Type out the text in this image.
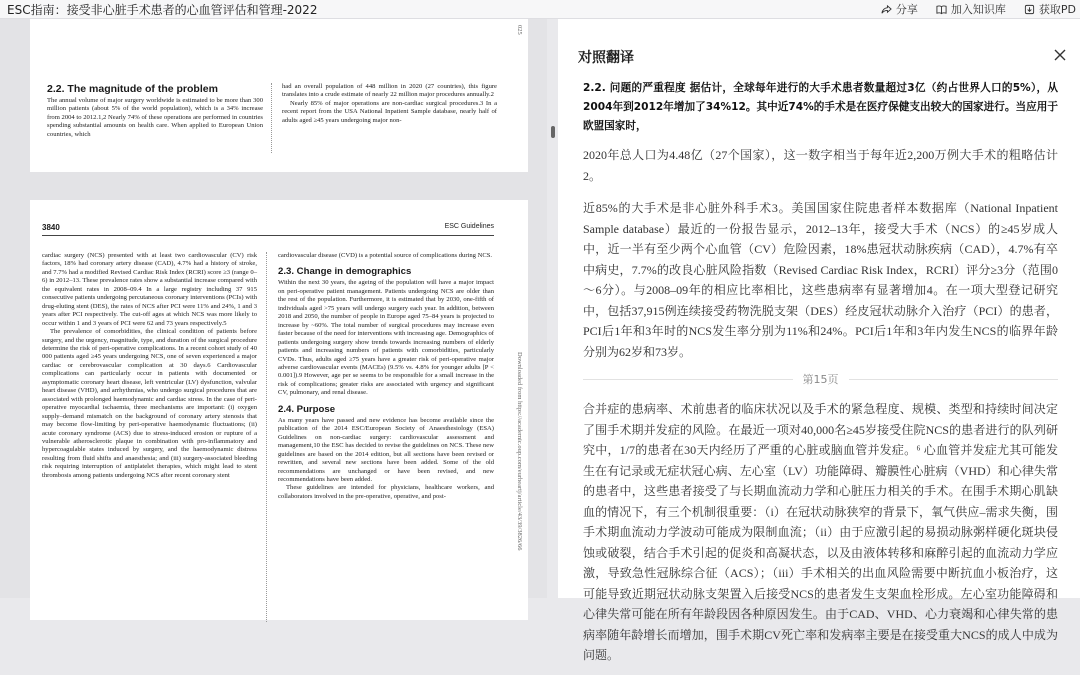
ESC指南：接受非心脏手术患者的心血管评估和管理-2022	分享	加入知识库	获取PD
025
2.2. The magnitude of the problem

The annual volume of major surgery worldwide is estimated to be more than 300 million patients (about 5% of the world population), which is a 34% increase from 2004 to 2012.1,2 Nearly 74% of these operations are performed in countries spending substantial amounts on health care. When applied to European Union countries, which

had an overall population of 448 million in 2020 (27 countries), this figure translates into a crude estimate of nearly 22 million major procedures annually.2

Nearly 85% of major operations are non-cardiac surgical procedures.3 In a recent report from the USA National Inpatient Sample database, nearly half of adults aged ≥45 years undergoing major non-

3840	ESC Guidelines
Downloaded from https://academic.oup.com/eurheartj/article/43/39/3826/66

cardiac surgery (NCS) presented with at least two cardiovascular (CV) risk factors, 18% had coronary artery disease (CAD), 4.7% had a history of stroke, and 7.7% had a modified Revised Cardiac Risk Index (RCRI) score ≥3 (range 0–6) in 2012–13. These prevalence rates show a substantial increase compared with the equivalent rates in 2008–09.4 In a large registry including 37 915 consecutive patients undergoing percutaneous coronary interventions (PCIs) with drug-eluting stent (DES), the rates of NCS after PCI were 11% and 24%, 1 and 3 years after PCI respectively. The cut-off ages at which NCS was more likely to occur within 1 and 3 years of PCI were 62 and 73 years respectively.5

The prevalence of comorbidities, the clinical condition of patients before surgery, and the urgency, magnitude, type, and duration of the surgical procedure determine the risk of peri-operative complications. In a recent cohort study of 40 000 patients aged ≥45 years undergoing NCS, one of seven experienced a major cardiac or cerebrovascular complication at 30 days.6 Cardiovascular complications can particularly occur in patients with documented or asymptomatic coronary heart disease, left ventricular (LV) dysfunction, valvular heart disease (VHD), and arrhythmias, who undergo surgical procedures that are associated with prolonged haemodynamic and cardiac stress. In the case of peri-operative myocardial ischaemia, three mechanisms are important: (i) oxygen supply–demand mismatch on the background of coronary artery stenosis that may become flow-limiting by peri-operative haemodynamic fluctuations; (ii) acute coronary syndrome (ACS) due to stress-induced erosion or rupture of a vulnerable atherosclerotic plaque in combination with pro-inflammatory and hypercoagulable states induced by surgery, and the haemodynamic distress resulting from fluid shifts and anaesthesia; and (iii) surgery-associated bleeding risk requiring interruption of antiplatelet therapies, which might lead to stent thrombosis among patients undergoing NCS after recent coronary stent

cardiovascular disease (CVD) is a potential source of complications during NCS.

2.3. Change in demographics

Within the next 30 years, the ageing of the population will have a major impact on peri-operative patient management. Patients undergoing NCS are older than the rest of the population. Furthermore, it is estimated that by 2030, one-fifth of individuals aged >75 years will undergo surgery each year. In addition, between 2018 and 2050, the number of people in Europe aged 75–84 years is projected to increase by ~60%. The total number of surgical procedures may increase even faster because of the need for interventions with increasing age. Demographics of patients undergoing surgery show trends towards increasing numbers of elderly patients and increasing numbers of patients with comorbidities, particularly CVDs. Thus, adults aged ≥75 years have a greater risk of peri-operative major adverse cardiovascular events (MACEs) (9.5% vs. 4.8% for younger adults [P < 0.001]).9 However, age per se seems to be responsible for a small increase in the risk of complications; greater risks are associated with urgency and significant CV, pulmonary, and renal disease.

2.4. Purpose

As many years have passed and new evidence has become available since the publication of the 2014 ESC/European Society of Anaesthesiology (ESA) Guidelines on non-cardiac surgery: cardiovascular assessment and management,10 the ESC has decided to revise the guidelines on NCS. These new guidelines are based on the 2014 edition, but all sections have been revised or rewritten, and several new sections have been added. Some of the old recommendations are unchanged or have been revised, and new recommendations have been added.

These guidelines are intended for physicians, healthcare workers, and collaborators involved in the pre-operative, operative, and post-

对照翻译

2.2. 问题的严重程度 据估计，全球每年进行的大手术患者数量超过3亿（约占世界人口的5%），从2004年到2012年增加了34%12。其中近74%的手术是在医疗保健支出较大的国家进行。当应用于欧盟国家时，

2020年总人口为4.48亿（27个国家），这一数字相当于每年近2,200万例大手术的粗略估计2。

近85%的大手术是非心脏外科手术3。美国国家住院患者样本数据库（National Inpatient Sample database）最近的一份报告显示，2012–13年，接受大手术（NCS）的≥45岁成人中，近一半有至少两个心血管（CV）危险因素，18%患冠状动脉疾病（CAD），4.7%有卒中病史，7.7%的改良心脏风险指数（Revised Cardiac Risk Index，RCRI）评分≥3分（范围0～6分）。与2008–09年的相应比率相比，这些患病率有显著增加4。在一项大型登记研究中，包括37,915例连续接受药物洗脱支架（DES）经皮冠状动脉介入治疗（PCI）的患者，PCI后1年和3年时的NCS发生率分别为11%和24%。PCI后1年和3年内发生NCS的临界年龄分别为62岁和73岁。

第15页

合并症的患病率、术前患者的临床状况以及手术的紧急程度、规模、类型和持续时间决定了围手术期并发症的风险。在最近一项对40,000名≥45岁接受住院NCS的患者进行的队列研究中，1/7的患者在30天内经历了严重的心脏或脑血管并发症。⁶ 心血管并发症尤其可能发生在有记录或无症状冠心病、左心室（LV）功能障碍、瓣膜性心脏病（VHD）和心律失常的患者中，这些患者接受了与长期血流动力学和心脏压力相关的手术。在围手术期心肌缺血的情况下，有三个机制很重要：（i）在冠状动脉狭窄的背景下，氧气供应–需求失衡，围手术期血流动力学波动可能成为限制血流；（ii）由于应激引起的易损动脉粥样硬化斑块侵蚀或破裂，结合手术引起的促炎和高凝状态，以及由液体转移和麻醉引起的血流动力学应激，导致急性冠脉综合征（ACS）；（iii）手术相关的出血风险需要中断抗血小板治疗，这可能导致近期冠状动脉支架置入后接受NCS的患者发生支架血栓形成。左心室功能障碍和心律失常可能在所有年龄段因各种原因发生。由于CAD、VHD、心力衰竭和心律失常的患病率随年龄增长而增加，围手术期CV死亡率和发病率主要是在接受重大NCS的成人中成为问题。
